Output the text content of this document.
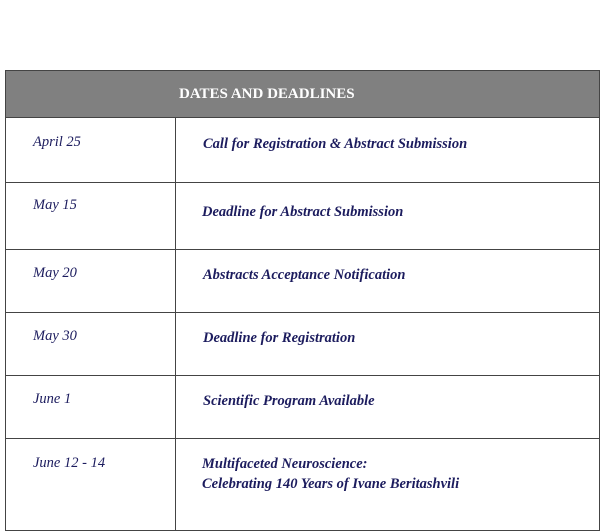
DATES AND DEADLINES	
April 25	Call for Registration & Abstract Submission
May 15	Deadline for Abstract Submission
May 20	Abstracts Acceptance Notification
May 30	Deadline for Registration
June 1	Scientific Program Available
June 12 - 14	Multifaceted Neuroscience:
Celebrating 140 Years of Ivane Beritashvili
